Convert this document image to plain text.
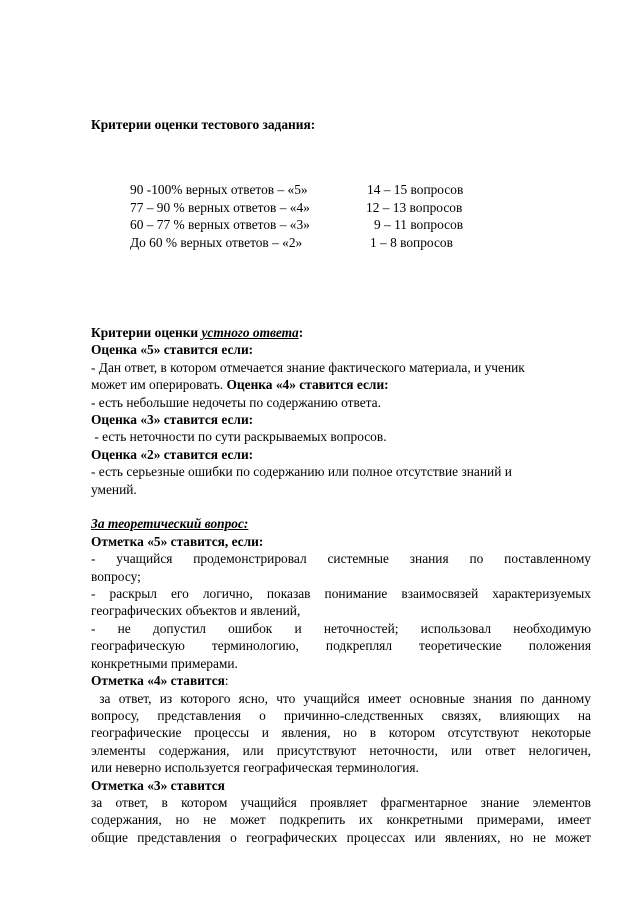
Критерии оценки тестового задания:
90 -100% верных ответов – «5»	14 – 15 вопросов
77 – 90 % верных ответов – «4»	12 – 13 вопросов
60 – 77 % верных ответов – «3»	9 – 11 вопросов
До 60 % верных ответов – «2»	1 – 8 вопросов

Критерии оценки устного ответа:

Оценка «5» ставится если:

- Дан ответ, в котором отмечается знание фактического материала, и ученик

может им оперировать. Оценка «4» ставится если:

- есть небольшие недочеты по содержанию ответа.

Оценка «3» ставится если:

- есть неточности по сути раскрываемых вопросов.

Оценка «2» ставится если:

- есть серьезные ошибки по содержанию или полное отсутствие знаний и

умений.

За теоретический вопрос:

Отметка «5» ставится, если:

- учащийся продемонстрировал системные знания по поставленному

вопросу;

- раскрыл его логично, показав понимание взаимосвязей характеризуемых

географических объектов и явлений,

- не допустил ошибок и неточностей; использовал необходимую

географическую терминологию, подкреплял теоретические положения

конкретными примерами.

Отметка «4» ставится:

за ответ, из которого ясно, что учащийся имеет основные знания по данному

вопросу, представления о причинно-следственных связях, влияющих на

географические процессы и явления, но в котором отсутствуют некоторые

элементы содержания, или присутствуют неточности, или ответ нелогичен,

или неверно используется географическая терминология.

Отметка «3» ставится

за ответ, в котором учащийся проявляет фрагментарное знание элементов

содержания, но не может подкрепить их конкретными примерами, имеет

общие представления о географических процессах или явлениях, но не может
